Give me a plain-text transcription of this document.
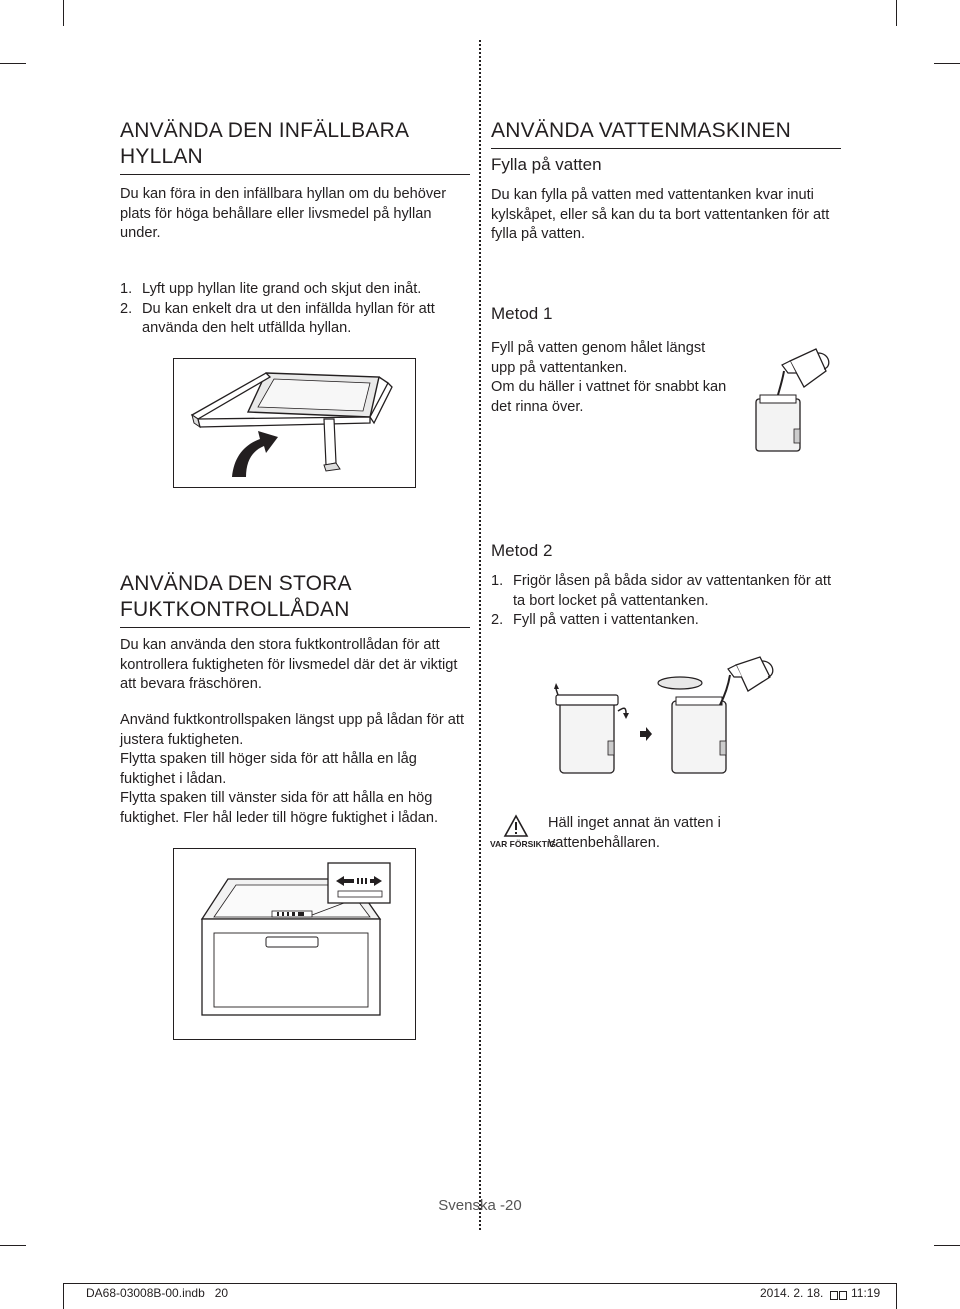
ANVÄNDA DEN INFÄLLBARA HYLLAN
Du kan föra in den infällbara hyllan om du behöver plats för höga behållare eller livsmedel på hyllan under.
1. Lyft upp hyllan lite grand och skjut den inåt.
2. Du kan enkelt dra ut den infällda hyllan för att använda den helt utfällda hyllan.
ANVÄNDA DEN STORA FUKTKONTROLLÅDAN
Du kan använda den stora fuktkontrollådan för att kontrollera fuktigheten för livsmedel där det är viktigt att bevara fräschören.
Använd fuktkontrollspaken längst upp på lådan för att justera fuktigheten.
Flytta spaken till höger sida för att hålla en låg fuktighet i lådan.
Flytta spaken till vänster sida för att hålla en hög fuktighet. Fler hål leder till högre fuktighet i lådan.
ANVÄNDA VATTENMASKINEN
Fylla på vatten
Du kan fylla på vatten med vattentanken kvar inuti kylskåpet, eller så kan du ta bort vattentanken för att fylla på vatten.
Metod 1
Fyll på vatten genom hålet längst upp på vattentanken.
Om du häller i vattnet för snabbt kan det rinna över.
Metod 2
1. Frigör låsen på båda sidor av vattentanken för att ta bort locket på vattentanken.
2. Fyll på vatten i vattentanken.
VAR FÖRSIKTIG
Häll inget annat än vatten i vattenbehållaren.
Svenska -20
DA68-03008B-00.indb   20	2014. 2. 18. 11:19
